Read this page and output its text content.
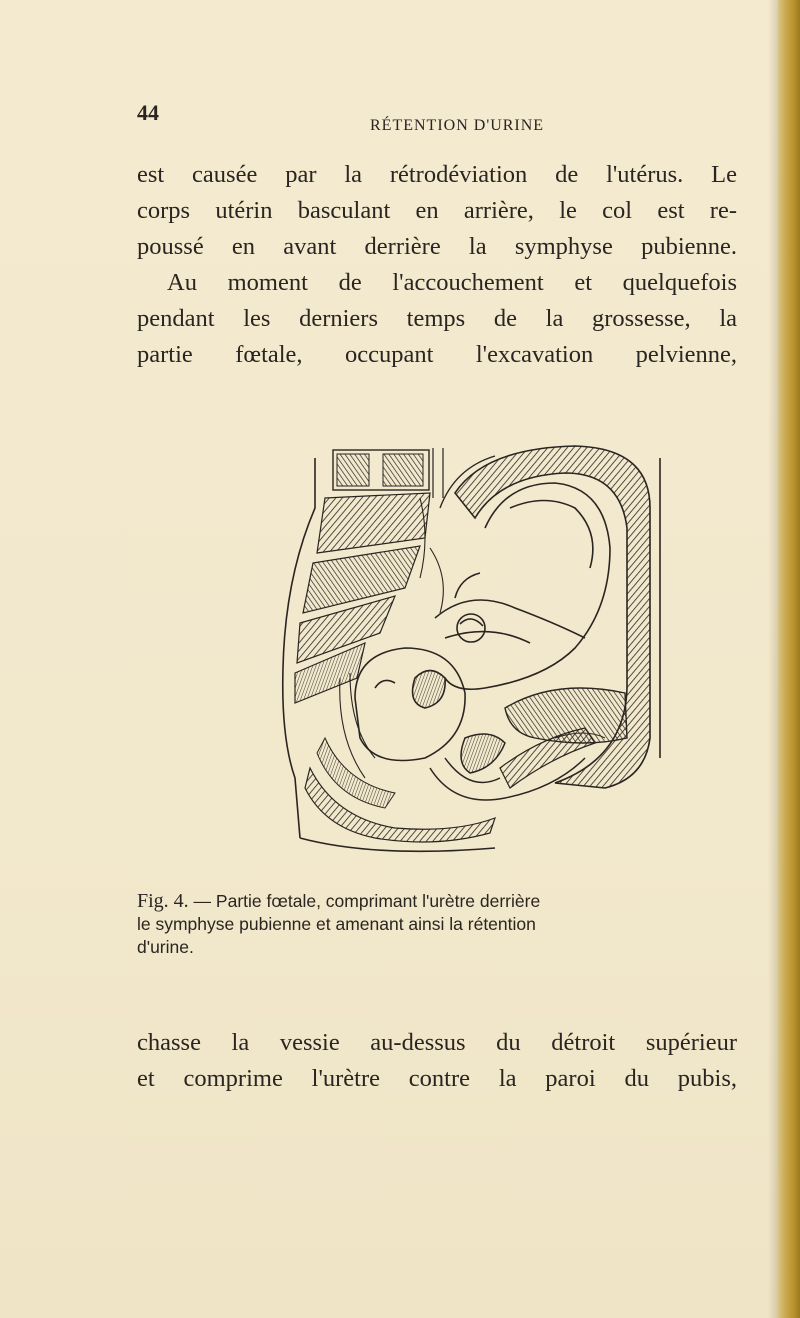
44
RÉTENTION D'URINE

est causée par la rétrodéviation de l'utérus. Le
corps utérin basculant en arrière, le col est re-
poussé en avant derrière la symphyse pubienne.
Au moment de l'accouchement et quelquefois
pendant les derniers temps de la grossesse, la
partie fœtale, occupant l'excavation pelvienne,

Fig. 4. — Partie fœtale, comprimant l'urètre derrière
le symphyse pubienne et amenant ainsi la rétention
d'urine.

chasse la vessie au-dessus du détroit supérieur
et comprime l'urètre contre la paroi du pubis,
